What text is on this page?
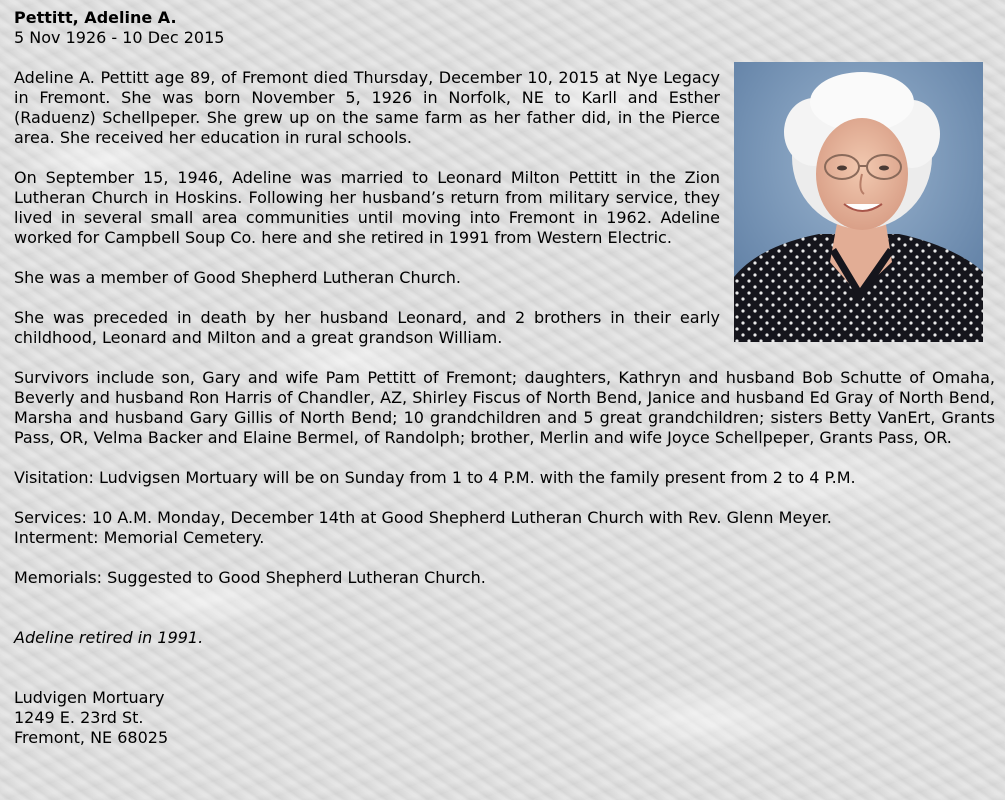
Pettitt, Adeline A.
5 Nov 1926 - 10 Dec 2015

Adeline A. Pettitt age 89, of Fremont died Thursday, December 10, 2015 at Nye Legacy in Fremont. She was born November 5, 1926 in Norfolk, NE to Karll and Esther (Raduenz) Schellpeper. She grew up on the same farm as her father did, in the Pierce area. She received her education in rural schools.

On September 15, 1946, Adeline was married to Leonard Milton Pettitt in the Zion Lutheran Church in Hoskins. Following her husband’s return from military service, they lived in several small area communities until moving into Fremont in 1962. Adeline worked for Campbell Soup Co. here and she retired in 1991 from Western Electric.

She was a member of Good Shepherd Lutheran Church.

She was preceded in death by her husband Leonard, and 2 brothers in their early childhood, Leonard and Milton and a great grandson William.

Survivors include son, Gary and wife Pam Pettitt of Fremont; daughters, Kathryn and husband Bob Schutte of Omaha, Beverly and husband Ron Harris of Chandler, AZ, Shirley Fiscus of North Bend, Janice and husband Ed Gray of North Bend, Marsha and husband Gary Gillis of North Bend; 10 grandchildren and 5 great grandchildren; sisters Betty VanErt, Grants Pass, OR, Velma Backer and Elaine Bermel, of Randolph; brother, Merlin and wife Joyce Schellpeper, Grants Pass, OR.

Visitation: Ludvigsen Mortuary will be on Sunday from 1 to 4 P.M. with the family present from 2 to 4 P.M.

Services: 10 A.M. Monday, December 14th at Good Shepherd Lutheran Church with Rev. Glenn Meyer.

Interment: Memorial Cemetery.

Memorials: Suggested to Good Shepherd Lutheran Church.

Adeline retired in 1991.

Ludvigen Mortuary
1249 E. 23rd St.
Fremont, NE 68025
